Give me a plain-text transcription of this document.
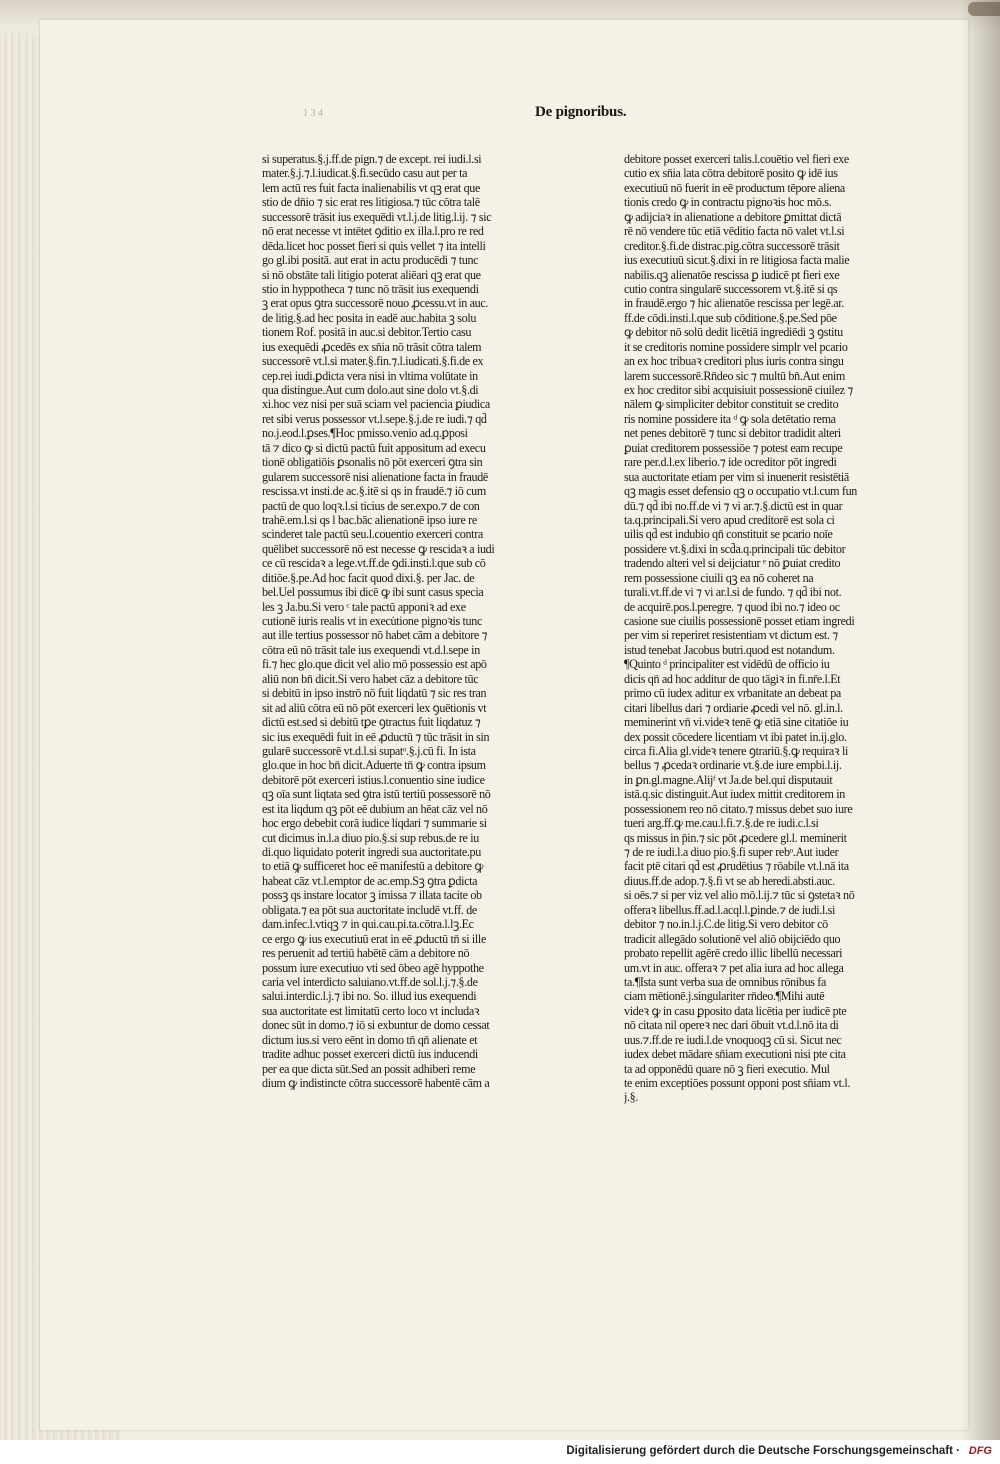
1 3 4	De pignoribus.
si superatus.§.j.ff.de pign.⁊ de except. rei iudi.l.si
mater.§.j.⁊.l.iudicat.§.fi.secūdo casu aut per ta
lem actū res fuit facta inalienabilis vt qꝫ erat que
stio de dn̄io ⁊ sic erat res litigiosa.⁊ tūc cōtra talē
successorē trāsit ius exequēdi vt.l.j.de litig.l.ij. ⁊ sic
nō erat necesse vt intētet ꝯditio ex illa.l.pro re red
dēda.licet hoc posset fieri si quis vellet ⁊ ita intelli
go gl.ibi positā. aut erat in actu producēdi ⁊ tunc
si nō obstāte tali litigio poterat aliēari qꝫ erat que
stio in hyppotheca ⁊ tunc nō trāsit ius exequendi
ꝫ erat opus ꝯtra successorē nouo ꝓcessu.vt in auc.
de litig.§.ad hec posita in eadē auc.habita ꝫ solu
tionem Rof. positā in auc.si debitor.Tertio casu
ius exequēdi ꝓcedēs ex sn̄ia nō trāsit cōtra talem
successorē vt.l.si mater.§.fin.⁊.l.iudicati.§.fi.de ex
cep.rei iudi.ꝑdicta vera nisi in vltima volūtate in
qua distingue.Aut cum dolo.aut sine dolo vt.§.di
xi.hoc vez nisi per suā sciam vel paciencia ꝑiudica
ret sibi verus possessor vt.l.sepe.§.j.de re iudi.⁊ qd̄
no.j.eod.l.ꝑses.¶Hoc pmisso.venio ad.q.ꝑposi
tā ⁊ dico ꝙ si dictū pactū fuit appositum ad execu
tionē obligatiōis ꝑsonalis nō pōt exerceri ꝯtra sin
gularem successorē nisi alienatione facta in fraudē
rescissa.vt insti.de ac.§.itē si qs in fraudē.⁊ iō cum
pactū de quo loqꝛ.l.si ticius de ser.expo.⁊ de con
trahē.em.l.si qs l bac.bāc alienationē ipso iure re
scinderet tale pactū seu.l.couentio exerceri contra
quēlibet successorē nō est necesse ꝙ rescidaꝛ a iudi
ce cū rescidaꝛ a lege.vt.ff.de ꝯdi.insti.l.que sub cō
ditiōe.§.pe.Ad hoc facit quod dixi.§. per Jac. de
bel.Uel possumus ibi dicē ꝙ ibi sunt casus specia
les ꝫ Ja.bu.Si vero ᶜ tale pactū apponiꝛ ad exe
cutionē iuris realis vt in execu̇tione pignoꝛis tunc
aut ille tertius possessor nō habet cām a debitore ⁊
cōtra eū nō trāsit tale ius exequendi vt.d.l.sepe in
fi.⁊ hec glo.que dicit vel alio mō possessio est apō
aliū non bn̄ dicit.Si vero habet cāz a debitore tūc
si debitū in ipso instrō nō fuit liqdatū ⁊ sic res tran
sit ad aliū cōtra eū nō pōt exerceri lex ꝯuētionis vt
dictū est.sed si debitū tꝑe ꝯtractus fuit liqdatuz ⁊
sic ius exequēdi fuit in eē ꝓductū ⁊ tūc trāsit in sin
gularē successorē vt.d.l.si supatᵒ.§.j.cū fi. In ista
glo.que in hoc bn̄ dicit.Aduerte tn̄ ꝙ contra ipsum
debitorē pōt exerceri istius.l.conuentio sine iudice
qꝫ oīa sunt liqtata sed ꝯtra istū tertiū possessorē nō
est ita liqdum qꝫ pōt eē dubium an hēat cāz vel nō
hoc ergo debebit corā iudice liqdari ⁊ summarie si
cut dicimus in.l.a diuo pio.§.si sup rebus.de re iu
di.quo liquidato poterit ingredi sua auctoritate.pu
to etiā ꝙ sufficeret hoc eē manifestū a debitore ꝙ
habeat cāz vt.l.emptor de ac.emp.Sꝫ ꝯtra ꝑdicta
possꝫ qs instare locator ꝫ imissa ⁊ illata tacite ob
obligata.⁊ ea pōt sua auctoritate includē vt.ff. de
dam.infec.l.vtiqꝫ ⁊ in qui.cau.pi.ta.cōtra.l.lꝫ.Ec
ce ergo ꝙ ius executiuū erat in eē ꝓductū tn̄ si ille
res peruenit ad tertiū habētē cām a debitore nō
possum iure executiuo vti sed ōbeo agē hyppothe
caria vel interdicto saluiano.vt.ff.de sol.l.j.⁊.§.de
salui.interdic.l.j.⁊ ibi no. So. illud ius exequendi
sua auctoritate est limitatū certo loco vt includaꝛ
donec sūt in domo.⁊ iō si exbuntur de domo cessat
dictum ius.si vero eēnt in domo tn̄ qn̄ alienate et
tradite adhuc posset exerceri dictū ius inducendi
per ea que dicta sūt.Sed an possit adhiberi reme
dium ꝙ indistincte cōtra successorē habentē cām a
debitore posset exerceri talis.l.couētio vel fieri exe
cutio ex sn̄ia lata cōtra debitorē posito ꝙ idē ius
executiuū nō fuerit in eē productum tēpore aliena
tionis credo ꝙ in contractu pignoꝛis hoc mō.s.
ꝙ adijciaꝛ in alienatione a debitore ꝑmittat dictā
rē nō vendere tūc etiā vēditio facta nō valet vt.l.si
creditor.§.fi.de distrac.pig.cōtra successorē trāsit
ius executiuū sicut.§.dixi in re litigiosa facta malie
nabilis.qꝫ alienatōe rescissa ꝑ iudicē pt fieri exe
cutio contra singularē successorem vt.§.itē si qs
in fraudē.ergo ⁊ hic alienatōe rescissa per legē.ar.
ff.de cōdi.insti.l.que sub cōditione.§.pe.Sed pōe
ꝙ debitor nō solū dedit licētiā ingrediēdi ꝫ ꝯstitu
it se creditoris nomine possidere simplr vel pcario
an ex hoc tribuaꝛ creditori plus iuris contra singu
larem successorē.Rn̄deo sic ⁊ multū bn̄.Aut enim
ex hoc creditor sibi acquisiuit possessionē ciuilez ⁊
nālem ꝙ simpliciter debitor constituit se credito
ris nomine possidere ita ᵈ ꝙ sola detētatio rema
net penes debitorē ⁊ tunc si debitor tradidit alteri
ꝑuiat creditorem possessiōe ⁊ potest eam recupe
rare per.d.l.ex liberio.⁊ ide ocreditor pōt ingredi
sua auctoritate etiam per vim si inuenerit resistētiā
qꝫ magis esset defensio qꝫ o occupatio vt.l.cum fun
dū.⁊ qd̄ ibi no.ff.de vi ⁊ vi ar.⁊.§.dictū est in quar
ta.q.principali.Si vero apud creditorē est sola ci
uilis qd̄ est indubio qn̄ constituit se pcario noīe
possidere vt.§.dixi in scd̄a.q.principali tūc debitor
tradendo alteri vel si deijciatur ᵉ nō ꝑuiat credito
rem possessione ciuili qꝫ ea nō coheret na
turali.vt.ff.de vi ⁊ vi ar.l.si de fundo. ⁊ qd̄ ibi not.
de acquirē.pos.l.peregre. ⁊ quod ibi no.⁊ ideo oc
casione sue ciuilis possessionē posset etiam ingredi
per vim si reperiret resistentiam vt dictum est. ⁊
istud tenebat Jacobus butri.quod est notandum.
¶Quinto ᵈ principaliter est vidēdū de officio iu
dicis qn̄ ad hoc additur de quo tāgiꝛ in fi.nr̄e.l.Et
primo cū iudex aditur ex vrbanitate an debeat pa
citari libellus dari ⁊ ordiarie ꝓcedi vel nō. gl.in.l.
meminerint vn̄ vi.videꝛ tenē ꝙ etiā sine citatiōe iu
dex possit cōcedere licentiam vt ibi patet in.ij.glo.
circa fi.Alia gl.videꝛ tenere ꝯtrariū.§.ꝙ requiraꝛ li
bellus ⁊ ꝓcedaꝛ ordinarie vt.§.de iure empbi.l.ij.
in ꝑn.gl.magne.Alijᶠ vt Ja.de bel.qui disputauit
istā.q.sic distinguit.Aut iudex mittit creditorem in
possessionem reo nō citato.⁊ missus debet suo iure
tueri arg.ff.ꝙ me.cau.l.fi.⁊.§.de re iudi.c.l.si
qs missus in p̄in.⁊ sic pōt ꝓcedere gl.l. meminerit
⁊ de re iudi.l.a diuo pio.§.fi super rebᵒ.Aut iuder
facit ptē citari qd̄ est ꝓrudētius ⁊ rōabile vt.l.nā ita
diuus.ff.de adop.⁊.§.fi vt se ab heredi.absti.auc.
si oēs.⁊ si per viz vel alio mō.l.ij.⁊ tūc si ꝯstetaꝛ nō
offeraꝛ libellus.ff.ad.l.acql.l.ꝑinde.⁊ de iudi.l.si
debitor ⁊ no.in.l.j.C.de litig.Si vero debitor cō
tradicit allegādo solutionē vel aliō obijciēdo quo
probato repellit agērē credo illic libellū necessari
um.vt in auc. offeraꝛ ⁊ pet alia iura ad hoc allega
ta.¶Ista sunt verba sua de omnibus rōnibus fa
ciam mētionē.j.singulariter rn̄deo.¶Mihi autē
videꝛ ꝙ in casu ꝑposito data licētia per iudicē pte
nō citata nil opereꝛ nec dari ōbuit vt.d.l.nō ita di
uus.⁊.ff.de re iudi.l.de vnoquoqꝫ cū si. Sicut nec
iudex debet mādare sn̄iam executioni nisi pte cita
ta ad opponēdū quare nō ꝫ fieri executio. Mul
te enim exceptiōes possunt opponi post sn̄iam vt.l.
j.§.
Digitalisierung gefördert durch die Deutsche Forschungsgemeinschaft · DFG
